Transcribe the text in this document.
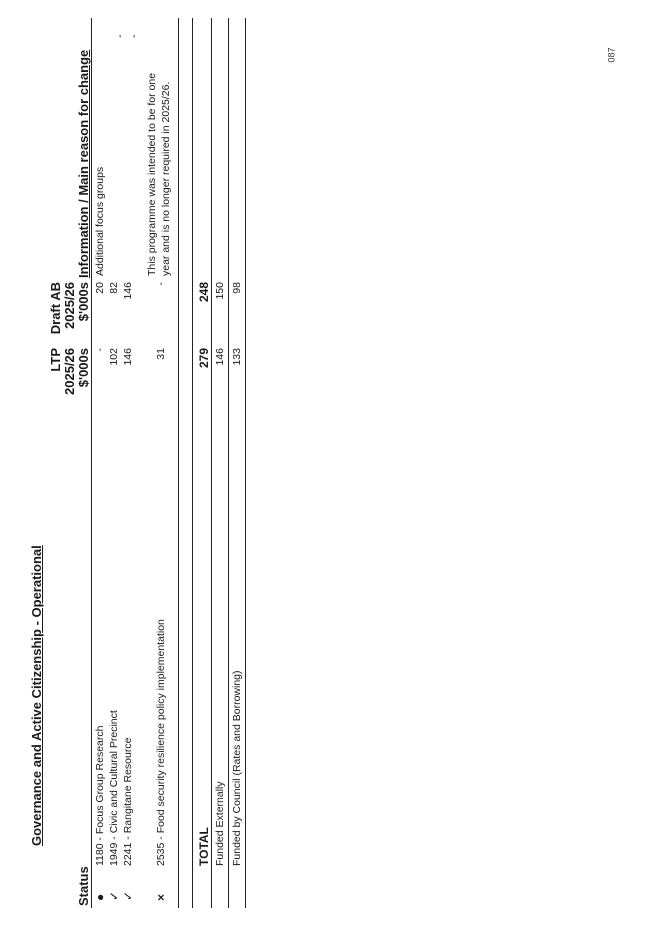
087
Governance and Active Citizenship - Operational
Status
LTP 2025/26 $'000s
Draft AB 2025/26 $'000s
Information / Main reason for change
●
1180 - Focus Group Research
-
20
Additional focus groups
✓
1949 - Civic and Cultural Precinct
102
82
✓
2241 - Rangitane Resource
146
146
×
2535 - Food security resilience policy implementation
31
-
This programme was intended to be for one year and is no longer required in 2025/26.
- -
TOTAL
279
248
Funded Externally
146
150
Funded by Council (Rates and Borrowing)
133
98
